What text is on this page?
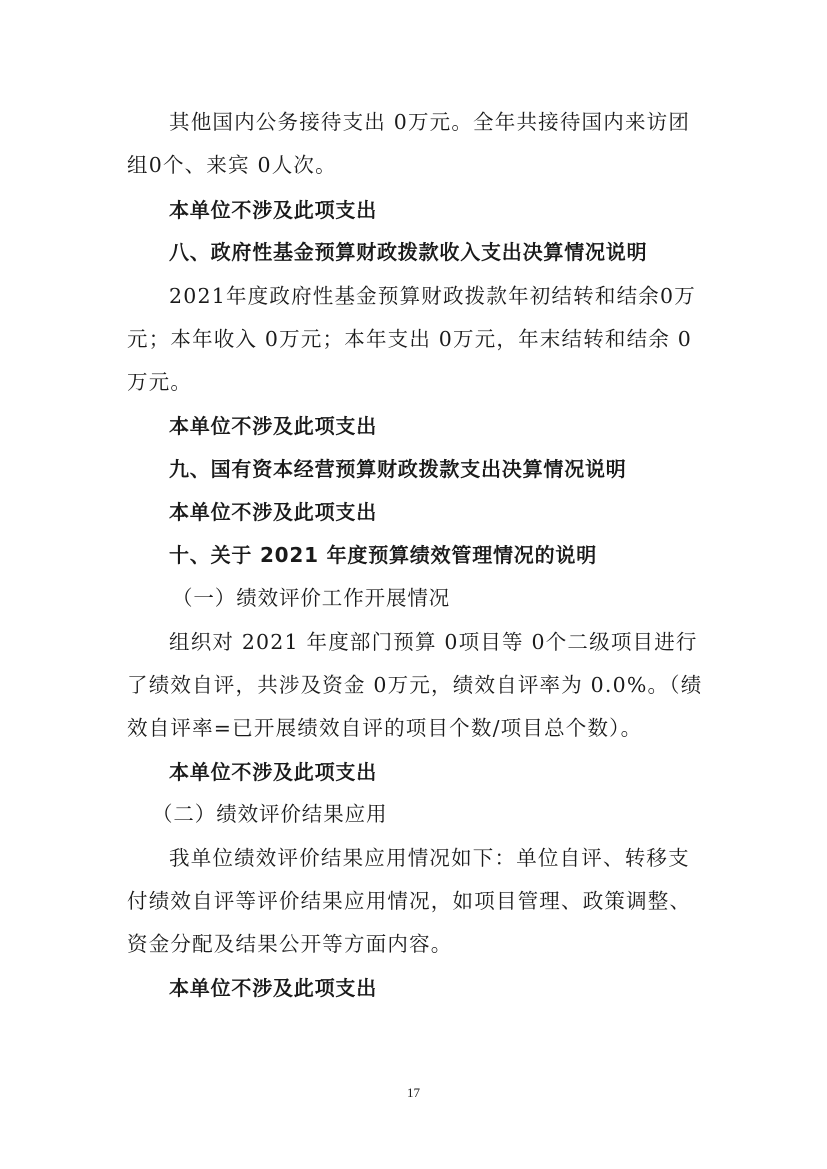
其他国内公务接待支出 0万元。全年共接待国内来访团

组0个、来宾 0人次。

本单位不涉及此项支出

八、政府性基金预算财政拨款收入支出决算情况说明

2021年度政府性基金预算财政拨款年初结转和结余0万

元；本年收入 0万元；本年支出 0万元，年末结转和结余 0

万元。

本单位不涉及此项支出

九、国有资本经营预算财政拨款支出决算情况说明

本单位不涉及此项支出

十、关于 2021 年度预算绩效管理情况的说明

（一）绩效评价工作开展情况

组织对 2021 年度部门预算 0项目等 0个二级项目进行

了绩效自评，共涉及资金 0万元，绩效自评率为 0.0%。（绩

效自评率=已开展绩效自评的项目个数/项目总个数）。

本单位不涉及此项支出

（二）绩效评价结果应用

我单位绩效评价结果应用情况如下：单位自评、转移支

付绩效自评等评价结果应用情况，如项目管理、政策调整、

资金分配及结果公开等方面内容。

本单位不涉及此项支出

17
